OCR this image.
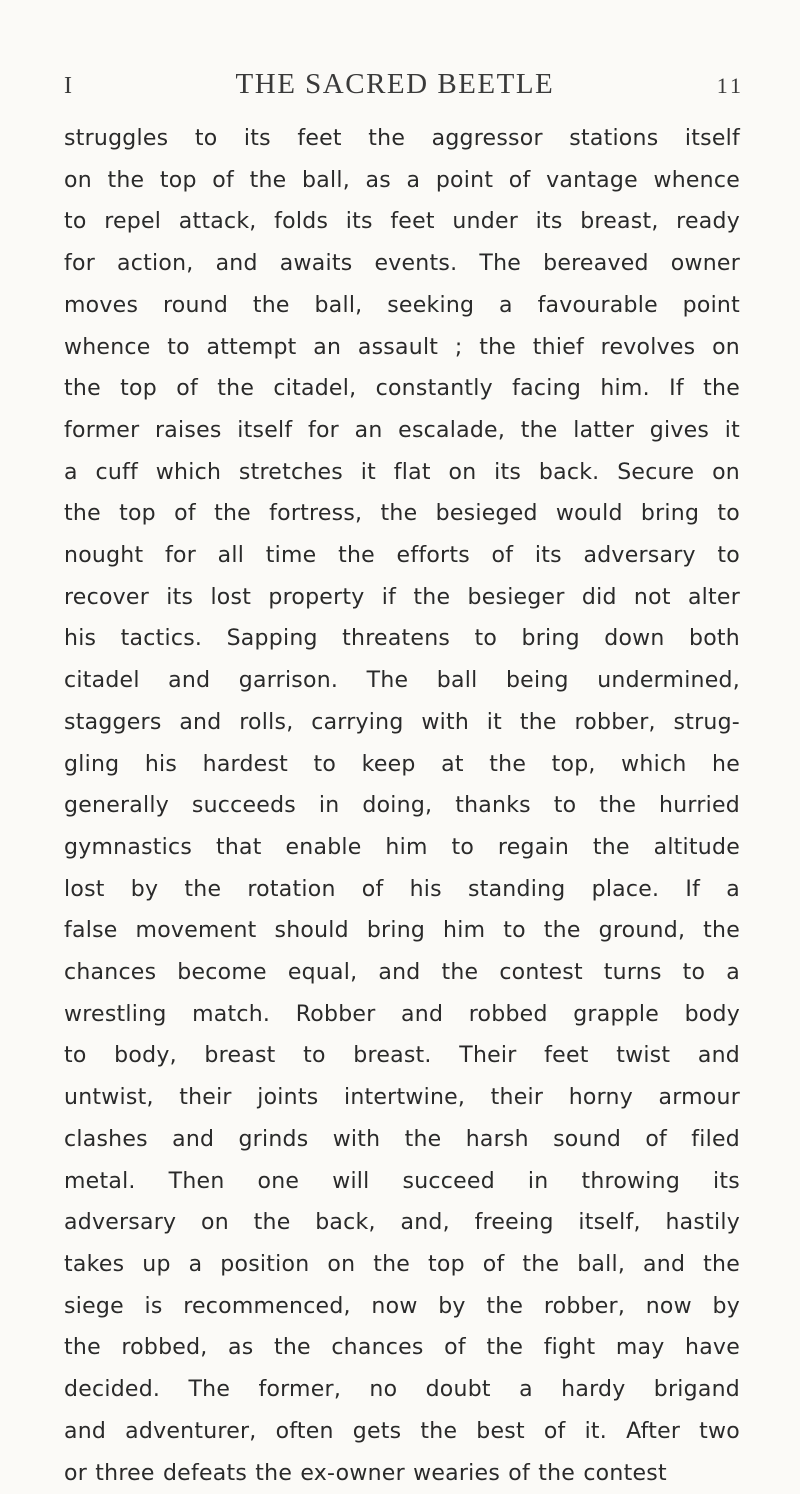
I	THE SACRED BEETLE	11

struggles to its feet the aggressor stations itself
on the top of the ball, as a point of vantage whence
to repel attack, folds its feet under its breast, ready
for action, and awaits events. The bereaved owner
moves round the ball, seeking a favourable point
whence to attempt an assault ; the thief revolves on
the top of the citadel, constantly facing him. If the
former raises itself for an escalade, the latter gives it
a cuff which stretches it flat on its back. Secure on
the top of the fortress, the besieged would bring to
nought for all time the efforts of its adversary to
recover its lost property if the besieger did not alter
his tactics. Sapping threatens to bring down both
citadel and garrison. The ball being undermined,
staggers and rolls, carrying with it the robber, strug-
gling his hardest to keep at the top, which he
generally succeeds in doing, thanks to the hurried
gymnastics that enable him to regain the altitude
lost by the rotation of his standing place. If a
false movement should bring him to the ground, the
chances become equal, and the contest turns to a
wrestling match. Robber and robbed grapple body
to body, breast to breast. Their feet twist and
untwist, their joints intertwine, their horny armour
clashes and grinds with the harsh sound of filed
metal. Then one will succeed in throwing its
adversary on the back, and, freeing itself, hastily
takes up a position on the top of the ball, and the
siege is recommenced, now by the robber, now by
the robbed, as the chances of the fight may have
decided. The former, no doubt a hardy brigand
and adventurer, often gets the best of it. After two
or three defeats the ex-owner wearies of the contest
